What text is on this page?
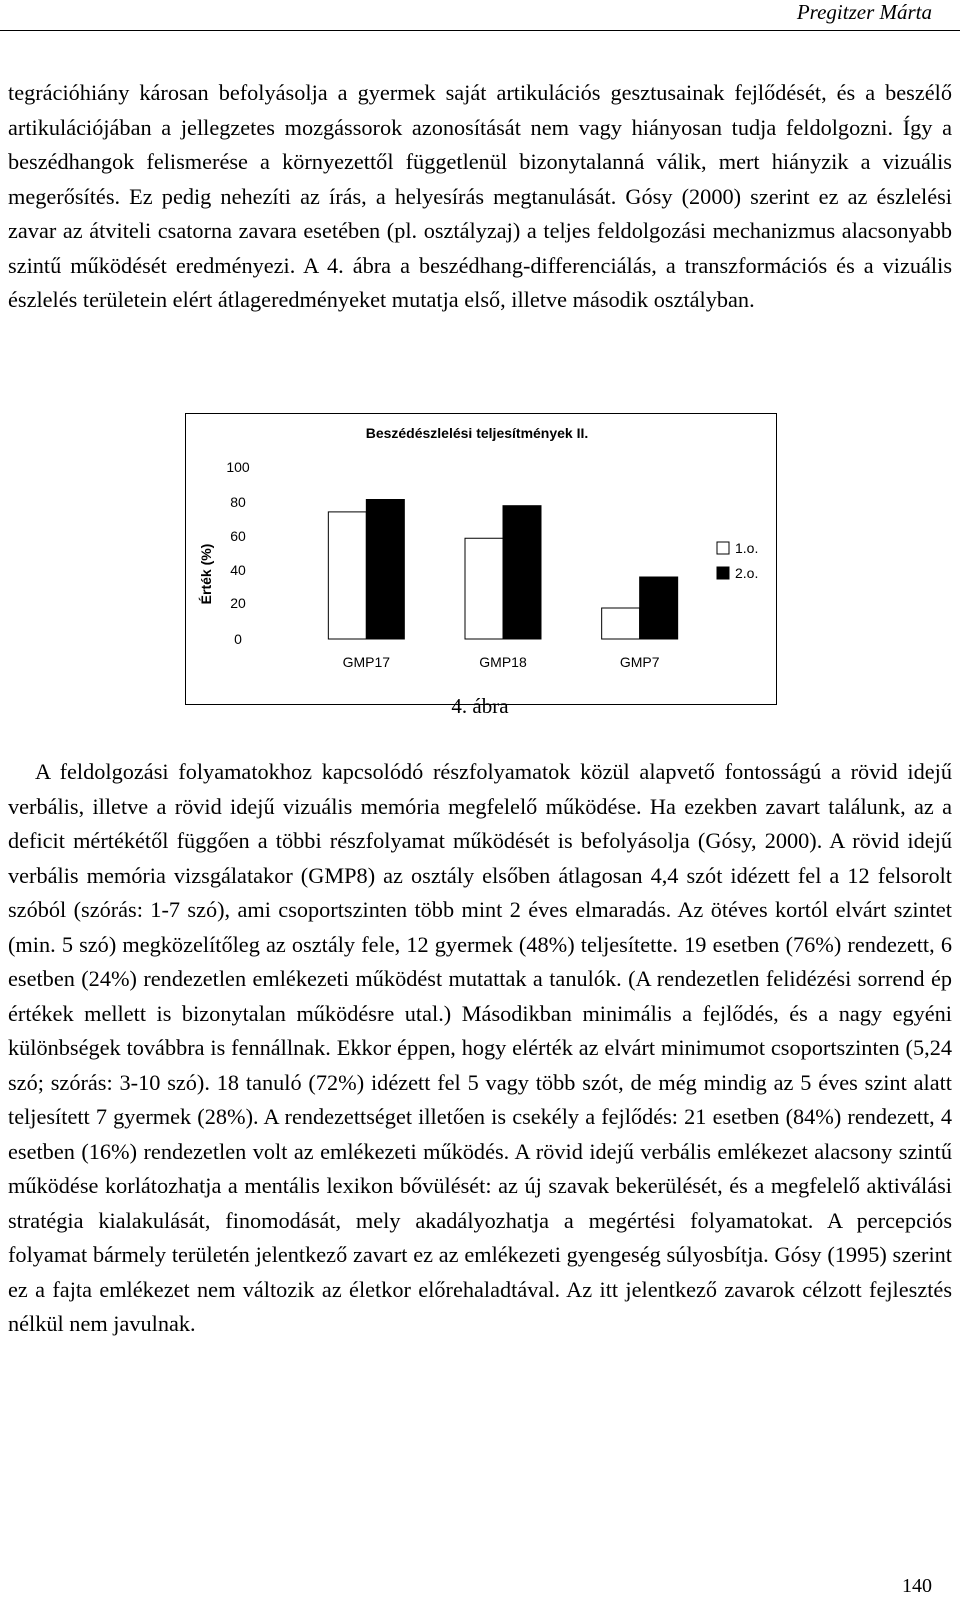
Pregitzer Márta

tegrációhiány károsan befolyásolja a gyermek saját artikulációs gesztusainak fejlődését, és a beszélő artikulációjában a jellegzetes mozgássorok azonosítását nem vagy hiányosan tudja feldolgozni. Így a beszédhangok felismerése a környezettől függetlenül bizonytalanná válik, mert hiányzik a vizuális megerősítés. Ez pedig nehezíti az írás, a helyesírás megtanulását. Gósy (2000) szerint ez az észlelési zavar az átviteli csatorna zavara esetében (pl. osztályzaj) a teljes feldolgozási mechanizmus alacsonyabb szintű működését eredményezi. A 4. ábra a beszédhang-differenciálás, a transzformációs és a vizuális észlelés területein elért átlageredményeket mutatja első, illetve második osztályban.

Beszédészlelési teljesítmények II.
Érték (%)
100
80
60
40
20
0
GMP17	GMP18	GMP7
1.o.
2.o.
4. ábra

A feldolgozási folyamatokhoz kapcsolódó részfolyamatok közül alapvető fontosságú a rövid idejű verbális, illetve a rövid idejű vizuális memória megfelelő működése. Ha ezekben zavart találunk, az a deficit mértékétől függően a többi részfolyamat működését is befolyásolja (Gósy, 2000). A rövid idejű verbális memória vizsgálatakor (GMP8) az osztály elsőben átlagosan 4,4 szót idézett fel a 12 felsorolt szóból (szórás: 1-7 szó), ami csoportszinten több mint 2 éves elmaradás. Az ötéves kortól elvárt szintet (min. 5 szó) megközelítőleg az osztály fele, 12 gyermek (48%) teljesítette. 19 esetben (76%) rendezett, 6 esetben (24%) rendezetlen emlékezeti működést mutattak a tanulók. (A rendezetlen felidézési sorrend ép értékek mellett is bizonytalan működésre utal.) Másodikban minimális a fejlődés, és a nagy egyéni különbségek továbbra is fennállnak. Ekkor éppen, hogy elérték az elvárt minimumot csoportszinten (5,24 szó; szórás: 3-10 szó). 18 tanuló (72%) idézett fel 5 vagy több szót, de még mindig az 5 éves szint alatt teljesített 7 gyermek (28%). A rendezettséget illetően is csekély a fejlődés: 21 esetben (84%) rendezett, 4 esetben (16%) rendezetlen volt az emlékezeti működés. A rövid idejű verbális emlékezet alacsony szintű működése korlátozhatja a mentális lexikon bővülését: az új szavak bekerülését, és a megfelelő aktiválási stratégia kialakulását, finomodását, mely akadályozhatja a megértési folyamatokat. A percepciós folyamat bármely területén jelentkező zavart ez az emlékezeti gyengeség súlyosbítja. Gósy (1995) szerint ez a fajta emlékezet nem változik az életkor előrehaladtával. Az itt jelentkező zavarok célzott fejlesztés nélkül nem javulnak.

140
